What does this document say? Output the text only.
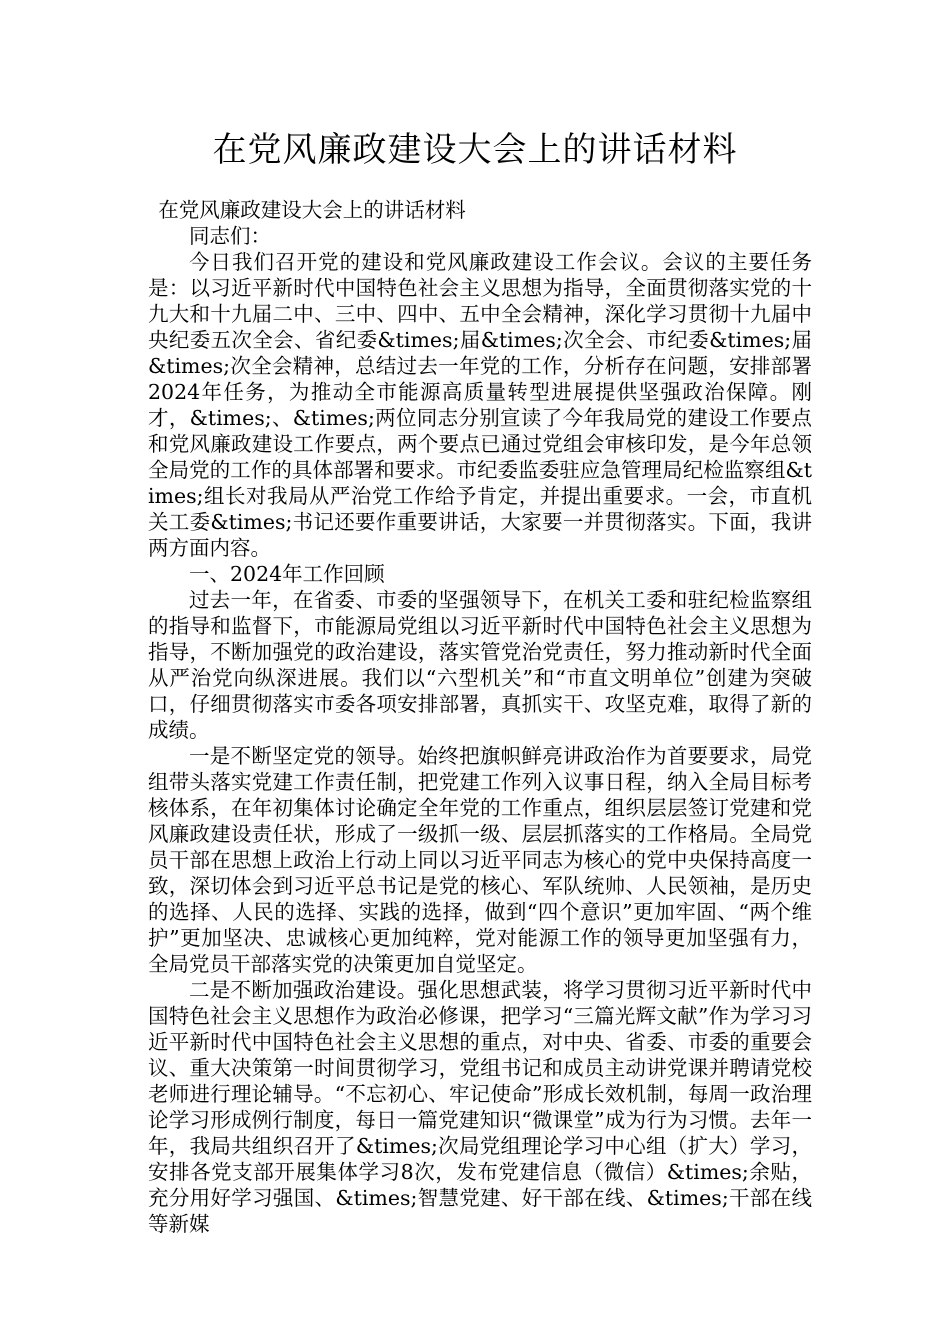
在党风廉政建设大会上的讲话材料

在党风廉政建设大会上的讲话材料

同志们：

今日我们召开党的建设和党风廉政建设工作会议。会议的主要任务是：以习近平新时代中国特色社会主义思想为指导，全面贯彻落实党的十九大和十九届二中、三中、四中、五中全会精神，深化学习贯彻十九届中央纪委五次全会、省纪委&times;届&times;次全会、市纪委&times;届&times;次全会精神，总结过去一年党的工作，分析存在问题，安排部署2024年任务，为推动全市能源高质量转型进展提供坚强政治保障。刚才，&times;、&times;两位同志分别宣读了今年我局党的建设工作要点和党风廉政建设工作要点，两个要点已通过党组会审核印发，是今年总领全局党的工作的具体部署和要求。市纪委监委驻应急管理局纪检监察组&times;组长对我局从严治党工作给予肯定，并提出重要求。一会，市直机关工委&times;书记还要作重要讲话，大家要一并贯彻落实。下面，我讲两方面内容。

一、2024年工作回顾

过去一年，在省委、市委的坚强领导下，在机关工委和驻纪检监察组的指导和监督下，市能源局党组以习近平新时代中国特色社会主义思想为指导，不断加强党的政治建设，落实管党治党责任，努力推动新时代全面从严治党向纵深进展。我们以“六型机关”和“市直文明单位”创建为突破口，仔细贯彻落实市委各项安排部署，真抓实干、攻坚克难，取得了新的成绩。

一是不断坚定党的领导。始终把旗帜鲜亮讲政治作为首要要求，局党组带头落实党建工作责任制，把党建工作列入议事日程，纳入全局目标考核体系，在年初集体讨论确定全年党的工作重点，组织层层签订党建和党风廉政建设责任状，形成了一级抓一级、层层抓落实的工作格局。全局党员干部在思想上政治上行动上同以习近平同志为核心的党中央保持高度一致，深切体会到习近平总书记是党的核心、军队统帅、人民领袖，是历史的选择、人民的选择、实践的选择，做到“四个意识”更加牢固、“两个维护”更加坚决、忠诚核心更加纯粹，党对能源工作的领导更加坚强有力，全局党员干部落实党的决策更加自觉坚定。

二是不断加强政治建设。强化思想武装，将学习贯彻习近平新时代中国特色社会主义思想作为政治必修课，把学习“三篇光辉文献”作为学习习近平新时代中国特色社会主义思想的重点，对中央、省委、市委的重要会议、重大决策第一时间贯彻学习，党组书记和成员主动讲党课并聘请党校老师进行理论辅导。“不忘初心、牢记使命”形成长效机制，每周一政治理论学习形成例行制度，每日一篇党建知识“微课堂”成为行为习惯。去年一年，我局共组织召开了&times;次局党组理论学习中心组（扩大）学习，安排各党支部开展集体学习8次，发布党建信息（微信）&times;余贴，充分用好学习强国、&times;智慧党建、好干部在线、&times;干部在线等新媒
